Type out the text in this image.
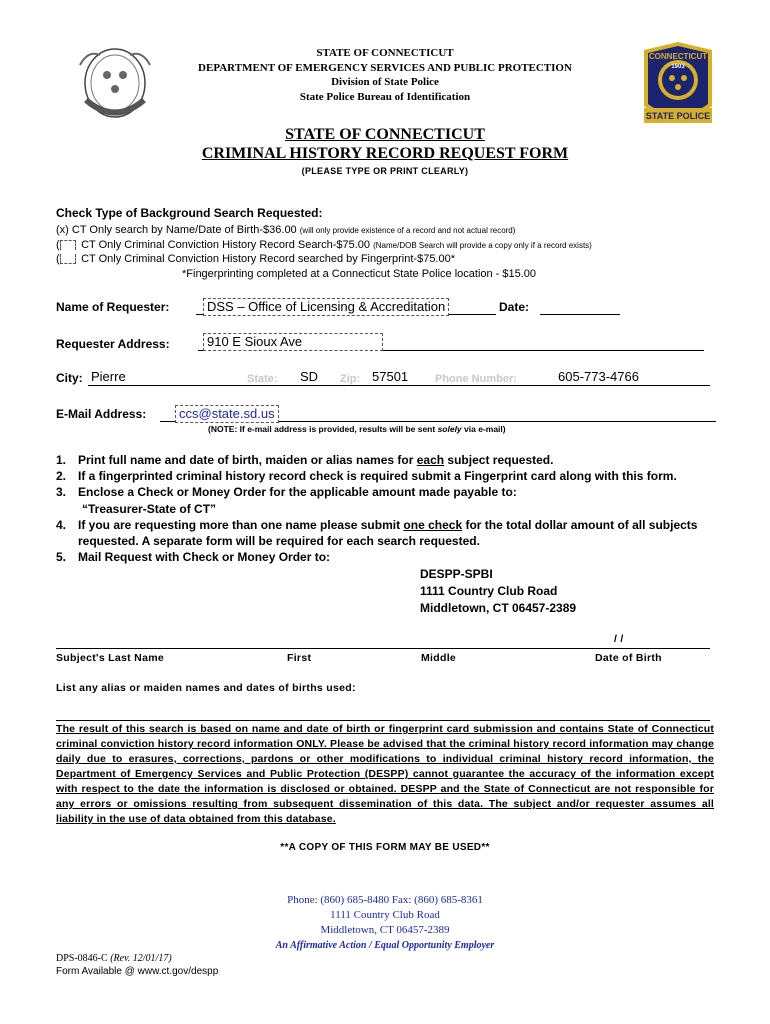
STATE OF CONNECTICUT
DEPARTMENT OF EMERGENCY SERVICES AND PUBLIC PROTECTION
Division of State Police
State Police Bureau of Identification
CONNECTICUT
1903
STATE POLICE
STATE OF CONNECTICUT
CRIMINAL HISTORY RECORD REQUEST FORM
(PLEASE TYPE OR PRINT CLEARLY)
Check Type of Background Search Requested:
(x) CT Only search by Name/Date of Birth-$36.00 (will only provide existence of a record and not actual record)
( CT Only Criminal Conviction History Record Search-$75.00 (Name/DOB Search will provide a copy only if a record exists)
( CT Only Criminal Conviction History Record searched by Fingerprint-$75.00*
*Fingerprinting completed at a Connecticut State Police location - $15.00
Name of Requester:	DSS – Office of Licensing & Accreditation	Date:
Requester Address:	910 E Sioux Ave
City: Pierre	State: SD Zip: 57501 Phone Number:	605-773-4766
E-Mail Address:	ccs@state.sd.us
(NOTE: If e-mail address is provided, results will be sent solely via e-mail)
1. Print full name and date of birth, maiden or alias names for each subject requested.
2. If a fingerprinted criminal history record check is required submit a Fingerprint card along with this form.
3. Enclose a Check or Money Order for the applicable amount made payable to:
“Treasurer-State of CT”
4. If you are requesting more than one name please submit one check for the total dollar amount of all subjects requested. A separate form will be required for each search requested.
5. Mail Request with Check or Money Order to:
DESPP-SPBI
1111 Country Club Road
Middletown, CT 06457-2389
/ /
Subject's Last Name	First	Middle	Date of Birth
List any alias or maiden names and dates of births used:
The result of this search is based on name and date of birth or fingerprint card submission and contains State of Connecticut criminal conviction history record information ONLY. Please be advised that the criminal history record information may change daily due to erasures, corrections, pardons or other modifications to individual criminal history record information, the Department of Emergency Services and Public Protection (DESPP) cannot guarantee the accuracy of the information except with respect to the date the information is disclosed or obtained. DESPP and the State of Connecticut are not responsible for any errors or omissions resulting from subsequent dissemination of this data. The subject and/or requester assumes all liability in the use of data obtained from this database.
**A COPY OF THIS FORM MAY BE USED**
Phone: (860) 685-8480 Fax: (860) 685-8361
1111 Country Club Road
Middletown, CT 06457-2389
An Affirmative Action / Equal Opportunity Employer
DPS-0846-C (Rev. 12/01/17)
Form Available @ www.ct.gov/despp
